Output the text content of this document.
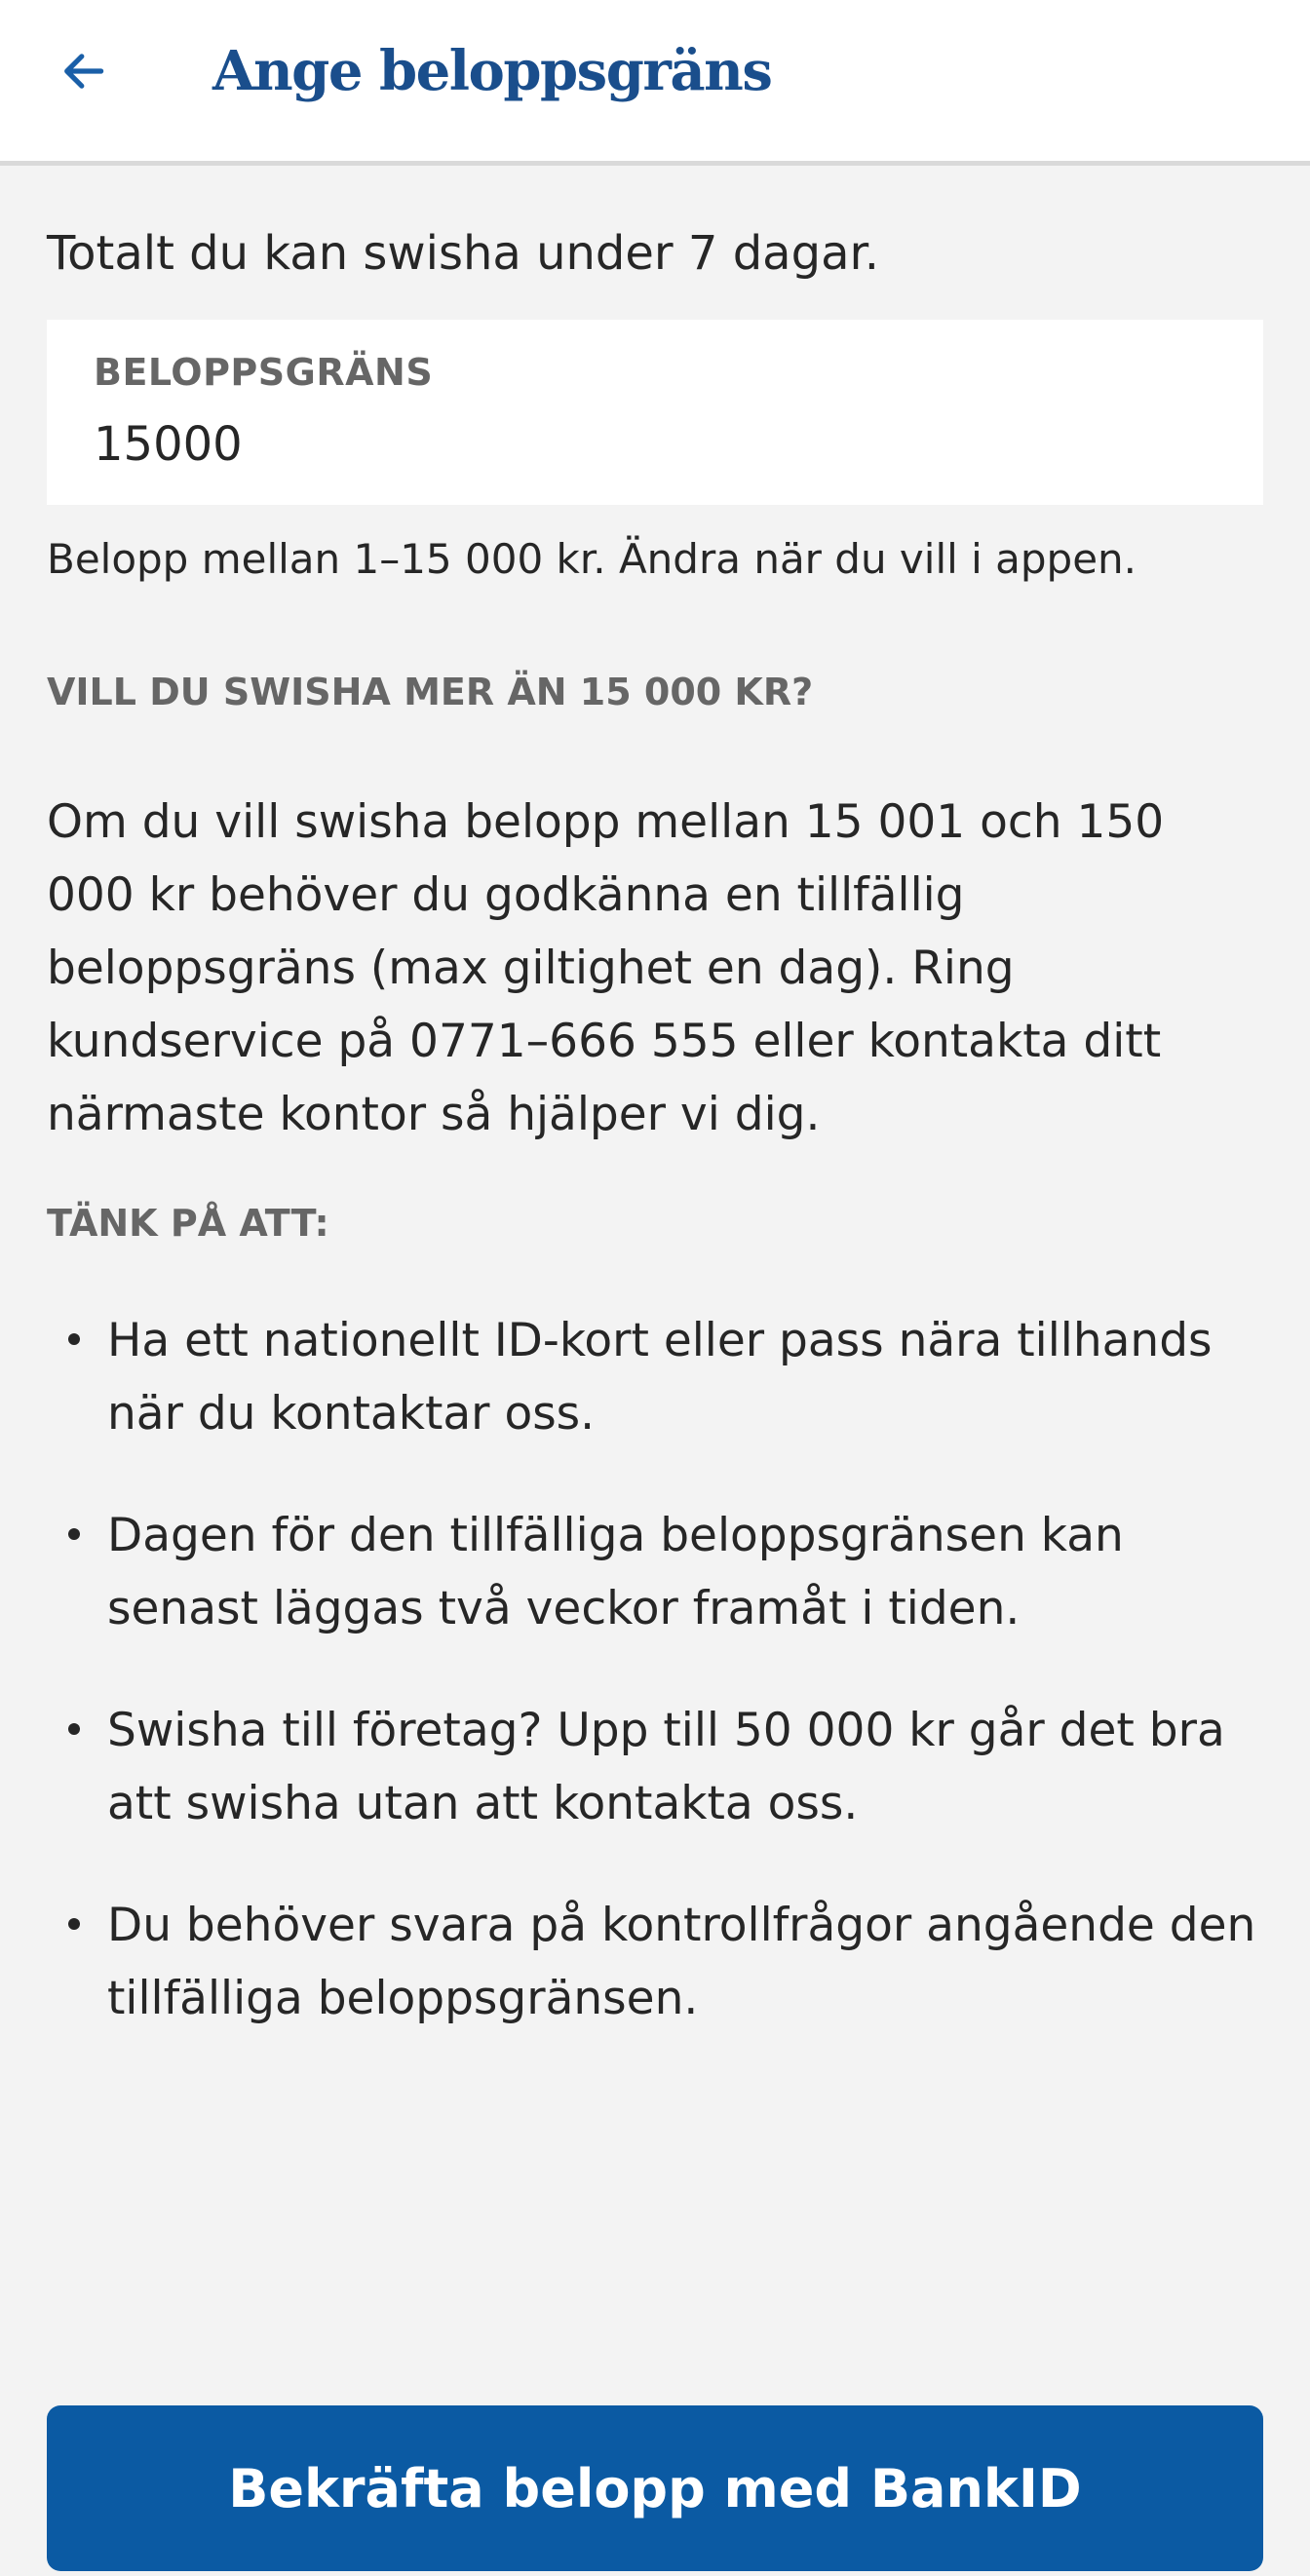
Ange beloppsgräns
Totalt du kan swisha under 7 dagar.
BELOPPSGRÄNS
15000
Belopp mellan 1–15 000 kr. Ändra när du vill i appen.
VILL DU SWISHA MER ÄN 15 000 KR?
Om du vill swisha belopp mellan 15 001 och 150 000 kr behöver du godkänna en tillfällig beloppsgräns (max giltighet en dag). Ring kundservice på 0771–666 555 eller kontakta ditt närmaste kontor så hjälper vi dig.
TÄNK PÅ ATT:
Ha ett nationellt ID-kort eller pass nära tillhands när du kontaktar oss.
Dagen för den tillfälliga beloppsgränsen kan senast läggas två veckor framåt i tiden.
Swisha till företag? Upp till 50 000 kr går det bra att swisha utan att kontakta oss.
Du behöver svara på kontrollfrågor angående den tillfälliga beloppsgränsen.
Bekräfta belopp med BankID
